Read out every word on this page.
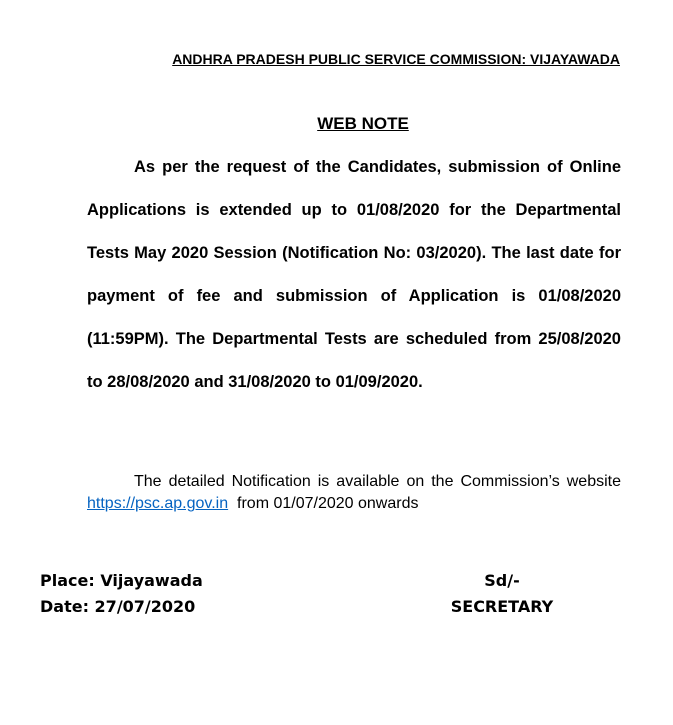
ANDHRA PRADESH PUBLIC SERVICE COMMISSION: VIJAYAWADA
WEB NOTE

As per the request of the Candidates, submission of Online Applications is extended up to 01/08/2020 for the Departmental Tests May 2020 Session (Notification No: 03/2020). The last date for payment of fee and submission of Application is 01/08/2020 (11:59PM). The Departmental Tests are scheduled from 25/08/2020 to 28/08/2020 and 31/08/2020 to 01/09/2020.

The detailed Notification is available on the Commission’s website https://psc.ap.gov.in  from 01/07/2020 onwards

Place: Vijayawada
Date: 27/07/2020
Sd/-
SECRETARY
